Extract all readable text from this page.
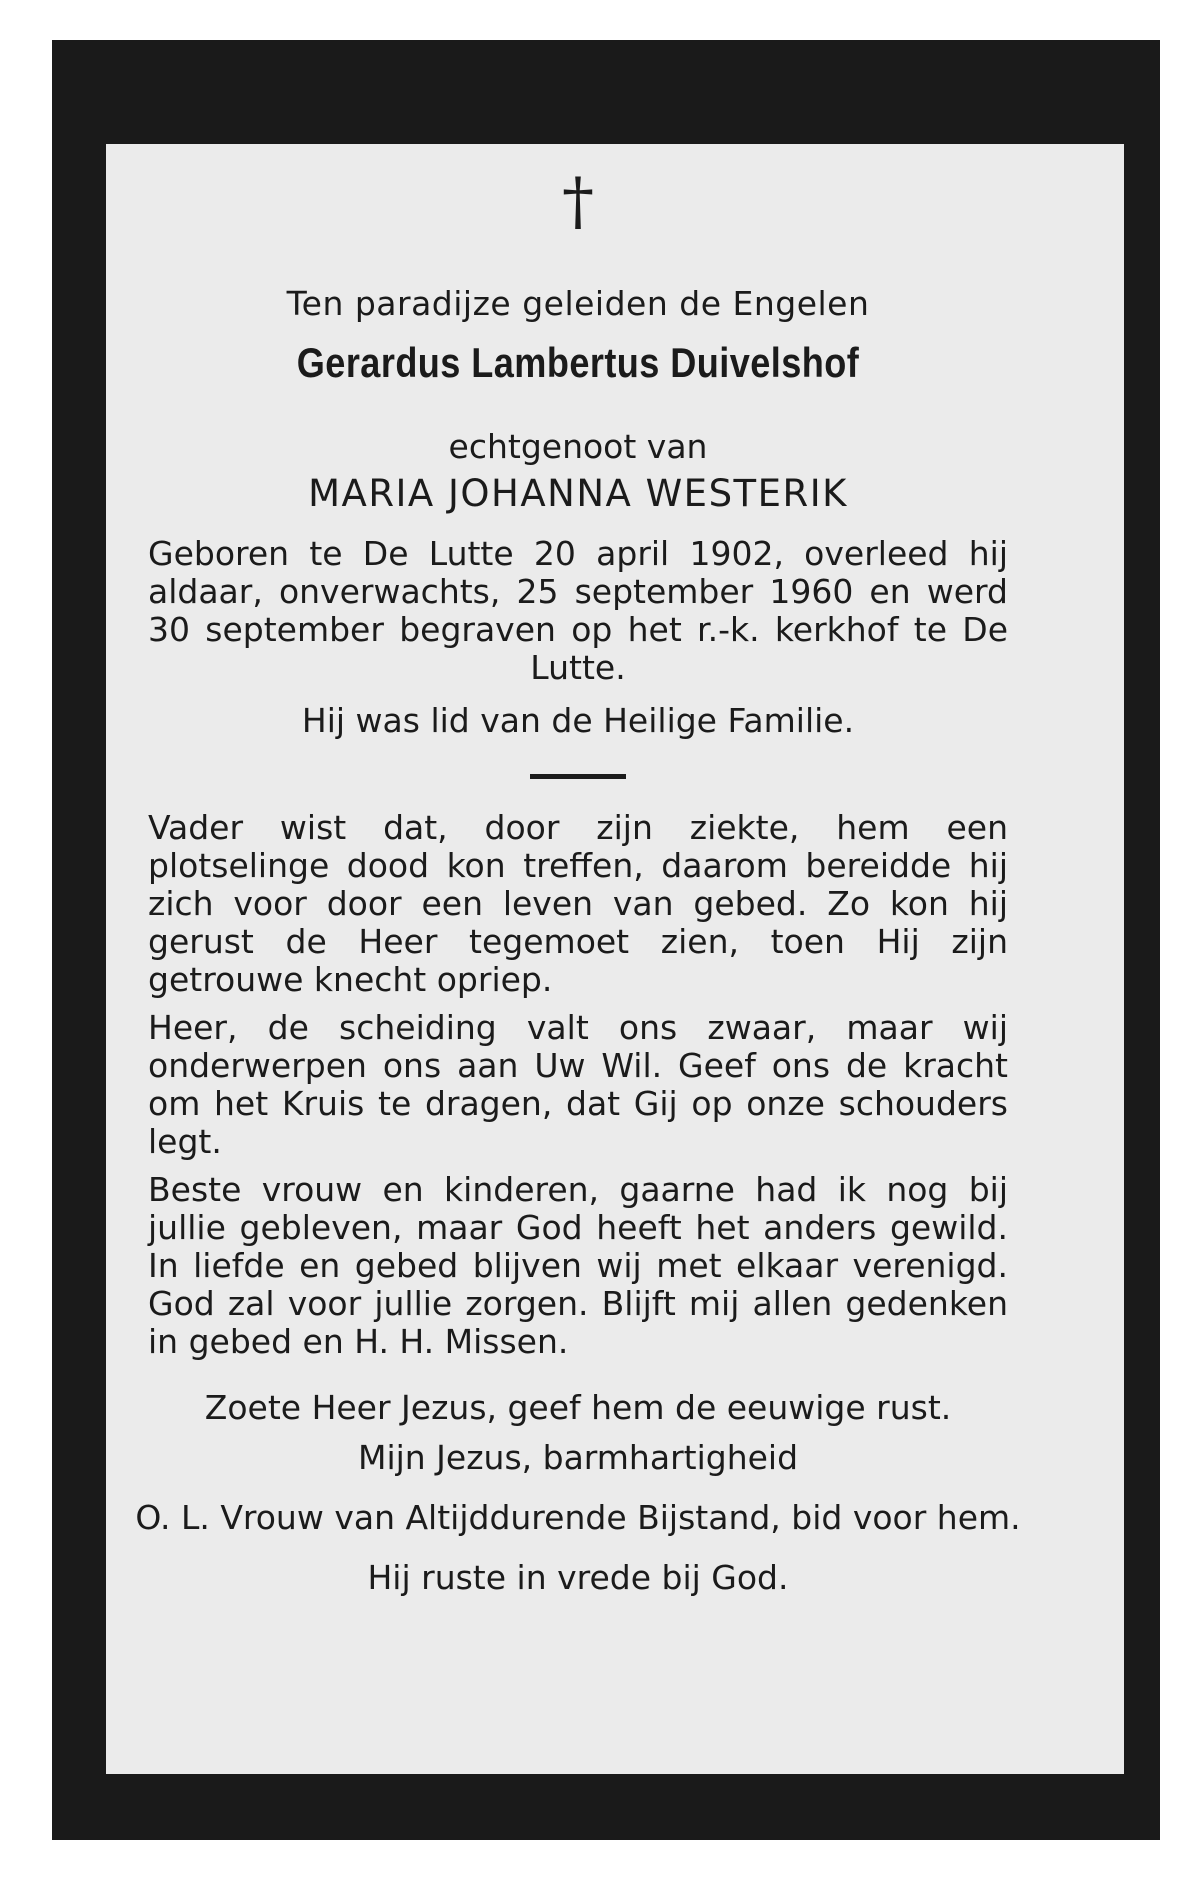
†
Ten paradijze geleiden de Engelen
Gerardus Lambertus Duivelshof
echtgenoot van
MARIA JOHANNA WESTERIK
Geboren te De Lutte 20 april 1902, overleed hij aldaar, onverwachts, 25 september 1960 en werd 30 september begraven op het r.-k. kerkhof te De Lutte.
Hij was lid van de Heilige Familie.
Vader wist dat, door zijn ziekte, hem een plotselinge dood kon treffen, daarom bereidde hij zich voor door een leven van gebed. Zo kon hij gerust de Heer tegemoet zien, toen Hij zijn getrouwe knecht opriep.
Heer, de scheiding valt ons zwaar, maar wij onderwerpen ons aan Uw Wil. Geef ons de kracht om het Kruis te dragen, dat Gij op onze schouders legt.
Beste vrouw en kinderen, gaarne had ik nog bij jullie gebleven, maar God heeft het anders gewild. In liefde en gebed blijven wij met elkaar verenigd. God zal voor jullie zorgen. Blijft mij allen gedenken in gebed en H. H. Missen.
Zoete Heer Jezus, geef hem de eeuwige rust.
Mijn Jezus, barmhartigheid
O. L. Vrouw van Altijddurende Bijstand, bid voor hem.
Hij ruste in vrede bij God.
